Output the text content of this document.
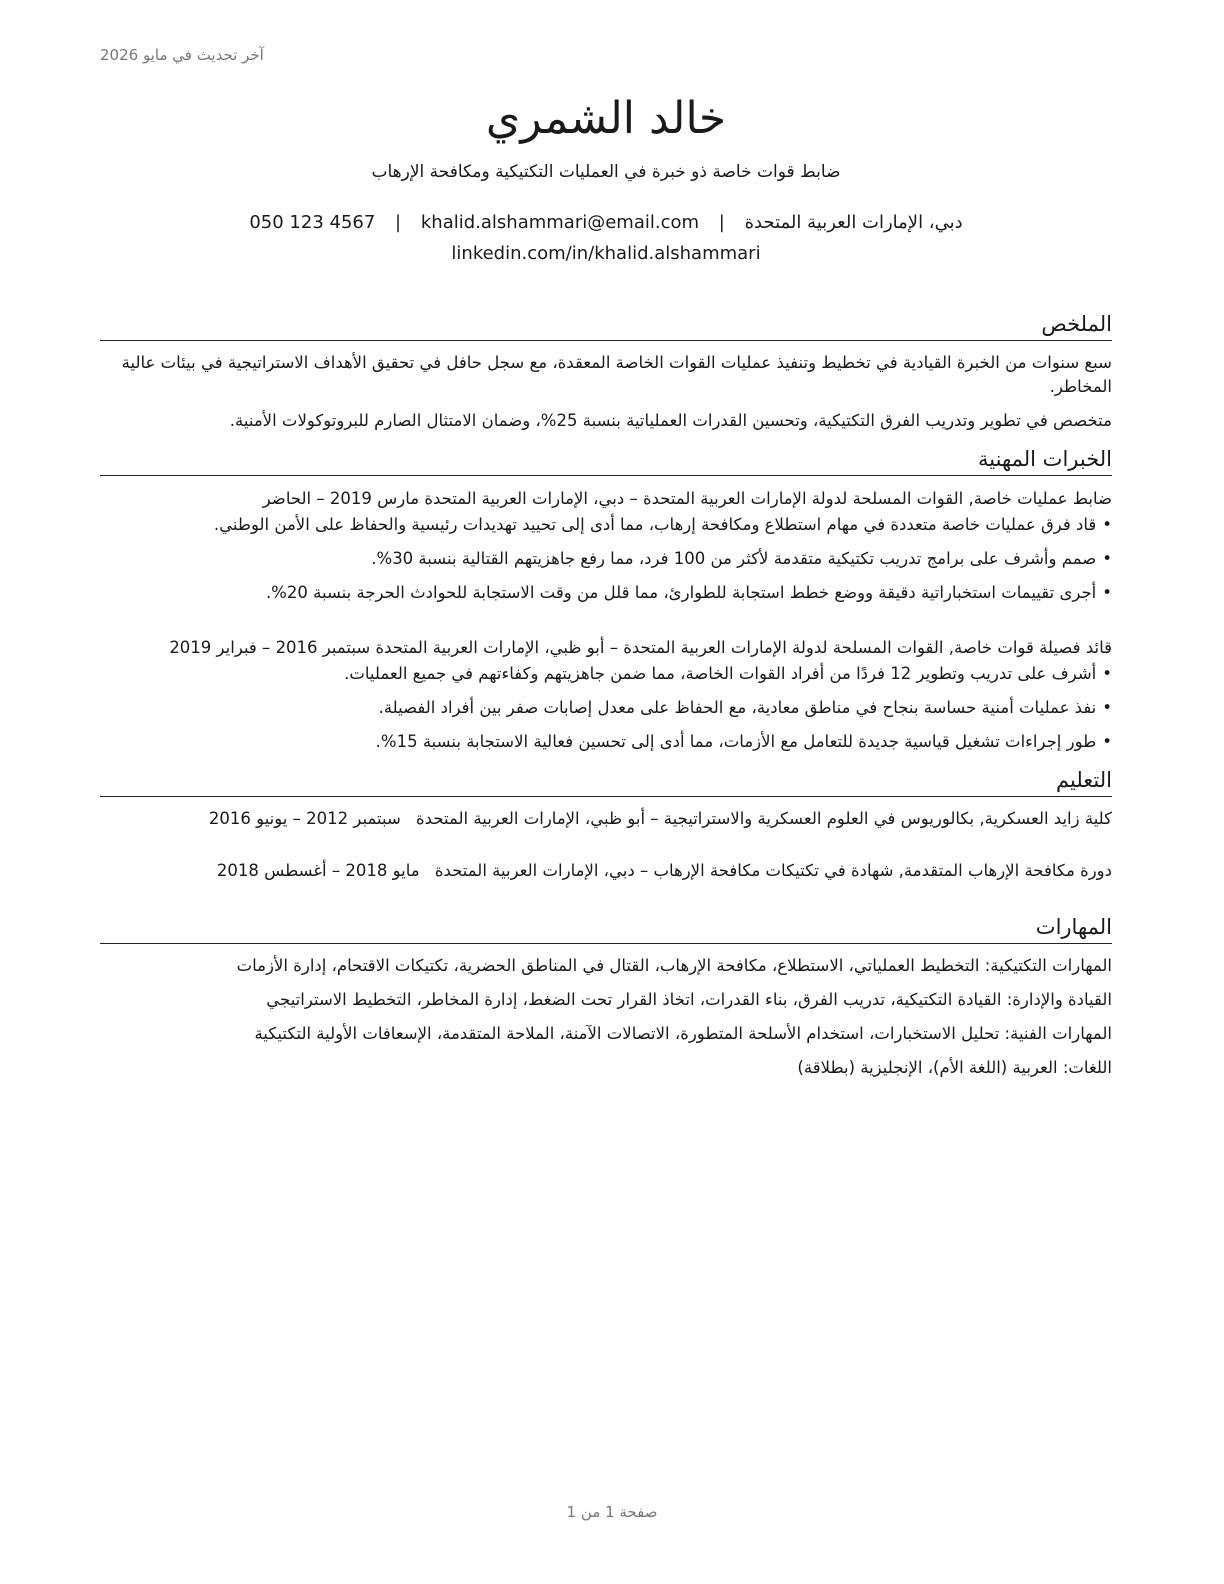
آخر تحديث في مايو 2026
خالد الشمري
ضابط قوات خاصة ذو خبرة في العمليات التكتيكية ومكافحة الإرهاب
دبي، الإمارات العربية المتحدة | khalid.alshammari@email.com | 050 123 4567
linkedin.com/in/khalid.alshammari
الملخص

سبع سنوات من الخبرة القيادية في تخطيط وتنفيذ عمليات القوات الخاصة المعقدة، مع سجل حافل في تحقيق الأهداف الاستراتيجية في بيئات عالية المخاطر.

متخصص في تطوير وتدريب الفرق التكتيكية، وتحسين القدرات العملياتية بنسبة 25%، وضمان الامتثال الصارم للبروتوكولات الأمنية.

الخبرات المهنية
ضابط عمليات خاصة, القوات المسلحة لدولة الإمارات العربية المتحدة – دبي، الإمارات العربية المتحدة مارس 2019 – الحاضر
•قاد فرق عمليات خاصة متعددة في مهام استطلاع ومكافحة إرهاب، مما أدى إلى تحييد تهديدات رئيسية والحفاظ على الأمن الوطني.
•صمم وأشرف على برامج تدريب تكتيكية متقدمة لأكثر من 100 فرد، مما رفع جاهزيتهم القتالية بنسبة 30%.
•أجرى تقييمات استخباراتية دقيقة ووضع خطط استجابة للطوارئ، مما قلل من وقت الاستجابة للحوادث الحرجة بنسبة 20%.
قائد فصيلة قوات خاصة, القوات المسلحة لدولة الإمارات العربية المتحدة – أبو ظبي، الإمارات العربية المتحدة سبتمبر 2016 – فبراير 2019
•أشرف على تدريب وتطوير 12 فردًا من أفراد القوات الخاصة، مما ضمن جاهزيتهم وكفاءتهم في جميع العمليات.
•نفذ عمليات أمنية حساسة بنجاح في مناطق معادية، مع الحفاظ على معدل إصابات صفر بين أفراد الفصيلة.
•طور إجراءات تشغيل قياسية جديدة للتعامل مع الأزمات، مما أدى إلى تحسين فعالية الاستجابة بنسبة 15%.
التعليم
كلية زايد العسكرية, بكالوريوس في العلوم العسكرية والاستراتيجية – أبو ظبي، الإمارات العربية المتحدة سبتمبر 2012 – يونيو 2016
دورة مكافحة الإرهاب المتقدمة, شهادة في تكتيكات مكافحة الإرهاب – دبي، الإمارات العربية المتحدة مايو 2018 – أغسطس 2018
المهارات
المهارات التكتيكية: التخطيط العملياتي، الاستطلاع، مكافحة الإرهاب، القتال في المناطق الحضرية، تكتيكات الاقتحام، إدارة الأزمات
القيادة والإدارة: القيادة التكتيكية، تدريب الفرق، بناء القدرات، اتخاذ القرار تحت الضغط، إدارة المخاطر، التخطيط الاستراتيجي
المهارات الفنية: تحليل الاستخبارات، استخدام الأسلحة المتطورة، الاتصالات الآمنة، الملاحة المتقدمة، الإسعافات الأولية التكتيكية
اللغات: العربية (اللغة الأم)، الإنجليزية (بطلاقة)
صفحة 1 من 1
